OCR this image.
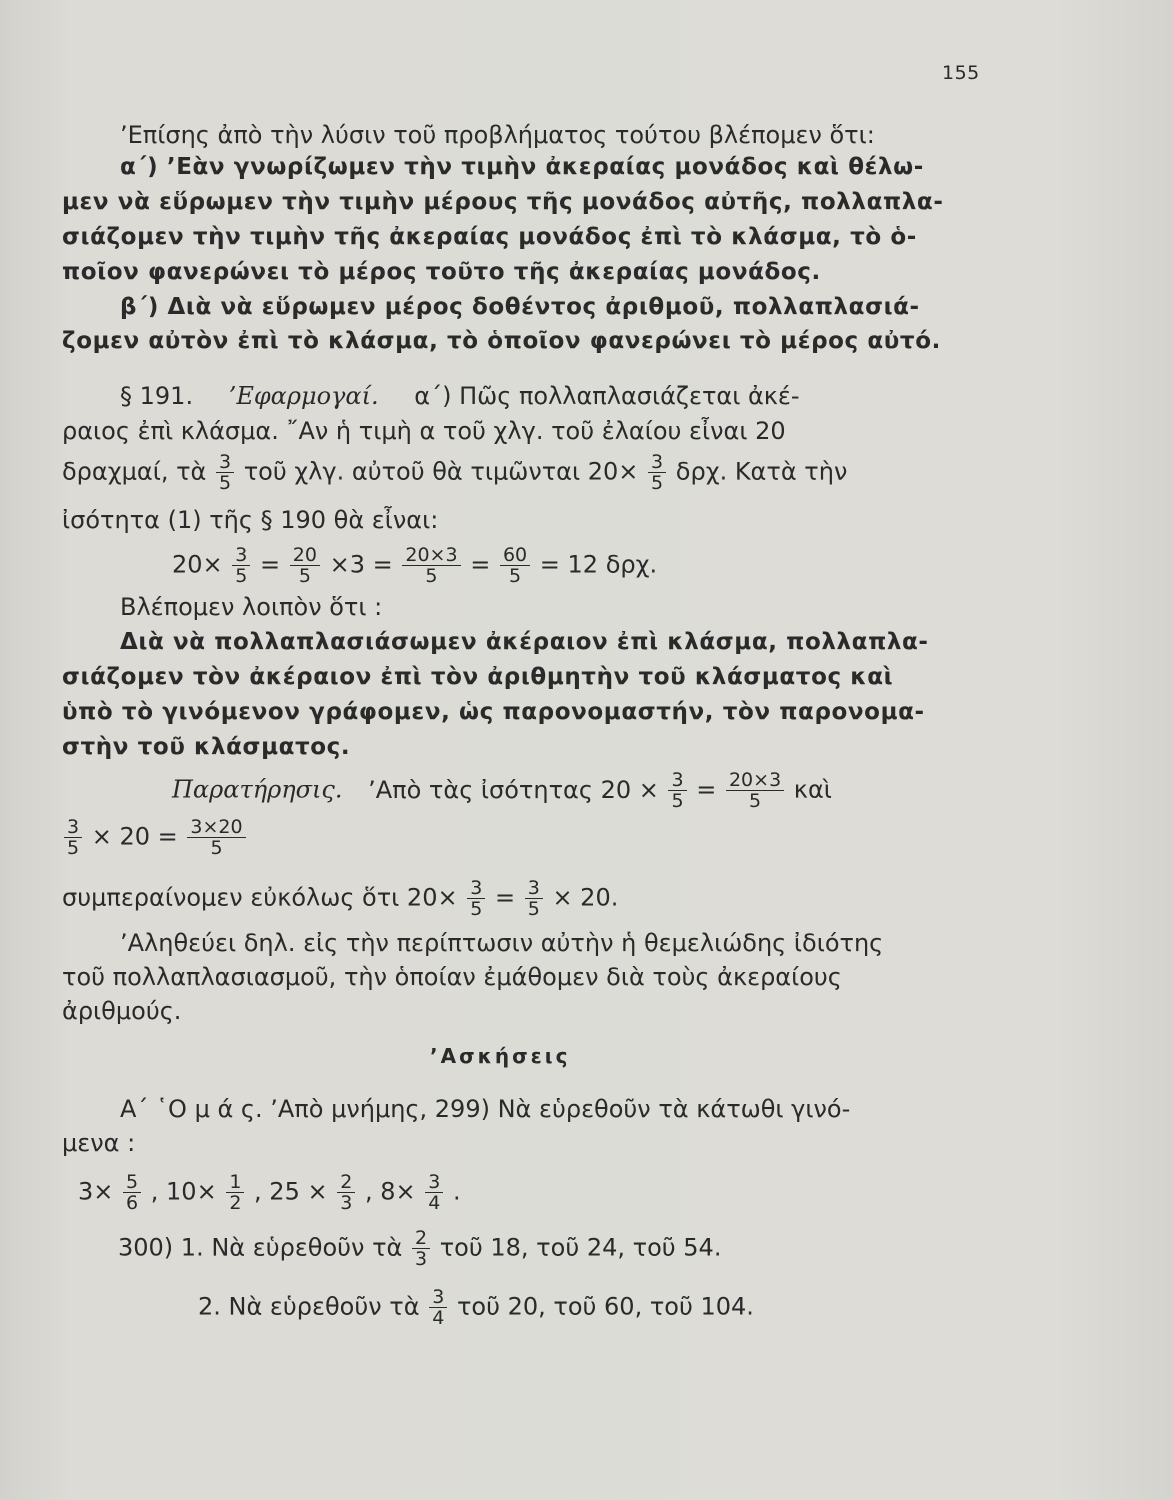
155
’Επίσης ἀπὸ τὴν λύσιν τοῦ προβλήματος τούτου βλέπομεν ὅτι:
α΄) ’Εὰν γνωρίζωμεν τὴν τιμὴν ἀκεραίας μονάδος καὶ θέλω-
μεν νὰ εὕρωμεν τὴν τιμὴν μέρους τῆς μονάδος αὐτῆς, πολλαπλα-
σιάζομεν τὴν τιμὴν τῆς ἀκεραίας μονάδος ἐπὶ τὸ κλάσμα, τὸ ὁ-
ποῖον φανερώνει τὸ μέρος τοῦτο τῆς ἀκεραίας μονάδος.
β΄) Διὰ νὰ εὕρωμεν μέρος δοθέντος ἀριθμοῦ, πολλαπλασιά-
ζομεν αὐτὸν ἐπὶ τὸ κλάσμα, τὸ ὁποῖον φανερώνει τὸ μέρος αὐτό.
§ 191. ’Εφαρμογαί. α΄) Πῶς πολλαπλασιάζεται ἀκέ-
ραιος ἐπὶ κλάσμα. ῎Αν ἡ τιμὴ α τοῦ χλγ. τοῦ ἐλαίου εἶναι 20
δραχμαί, τὰ $\frac{3}{5}$ τοῦ χλγ. αὐτοῦ θὰ τιμῶνται $20\times \frac{3}{5} \delta\rho\chi$. Κατὰ τὴν
ἰσότητα (1) τῆς § 190 θὰ εἶναι:
$20\times \frac{3}{5} = \frac{20}{5} \times 3 = \frac{20\times 3}{5} = \frac{60}{5} = 12$ δρχ.
Βλέπομεν λοιπὸν ὅτι :
Διὰ νὰ πολλαπλασιάσωμεν ἀκέραιον ἐπὶ κλάσμα, πολλαπλα-
σιάζομεν τὸν ἀκέραιον ἐπὶ τὸν ἀριθμητὴν τοῦ κλάσματος καὶ
ὑπὸ τὸ γινόμενον γράφομεν, ὡς παρονομαστήν, τὸν παρονομα-
στὴν τοῦ κλάσματος.
Παρατήρησις. ’Απὸ τὰς ἰσότητας $20 \times \frac{3}{5} = \frac{20\times 3}{5}$ καὶ
$\frac{3}{5} \times 20 = \frac{3\times 20}{5}$
συμπεραίνομεν εὐκόλως ὅτι $20\times \frac{3}{5} = \frac{3}{5} \times 20$.
’Αληθεύει δηλ. εἰς τὴν περίπτωσιν αὐτὴν ἡ θεμελιώδης ἰδιότης
τοῦ πολλαπλασιασμοῦ, τὴν ὁποίαν ἐμάθομεν διὰ τοὺς ἀκεραίους
ἀριθμούς.
’Ασκήσεις
Α΄ ῾Ο μ ά ς. ’Απὸ μνήμης, 299) Νὰ εὑρεθοῦν τὰ κάτωθι γινό-
μενα :
$3\times \frac{5}{6}$ , $10\times \frac{1}{2}$ , $25 \times \frac{2}{3}$ , $8\times \frac{3}{4}$ .
300) 1. Νὰ εὑρεθοῦν τὰ $\frac{2}{3}$ τοῦ 18, τοῦ 24, τοῦ 54.
2. Νὰ εὑρεθοῦν τὰ $\frac{3}{4}$ τοῦ 20, τοῦ 60, τοῦ 104.
